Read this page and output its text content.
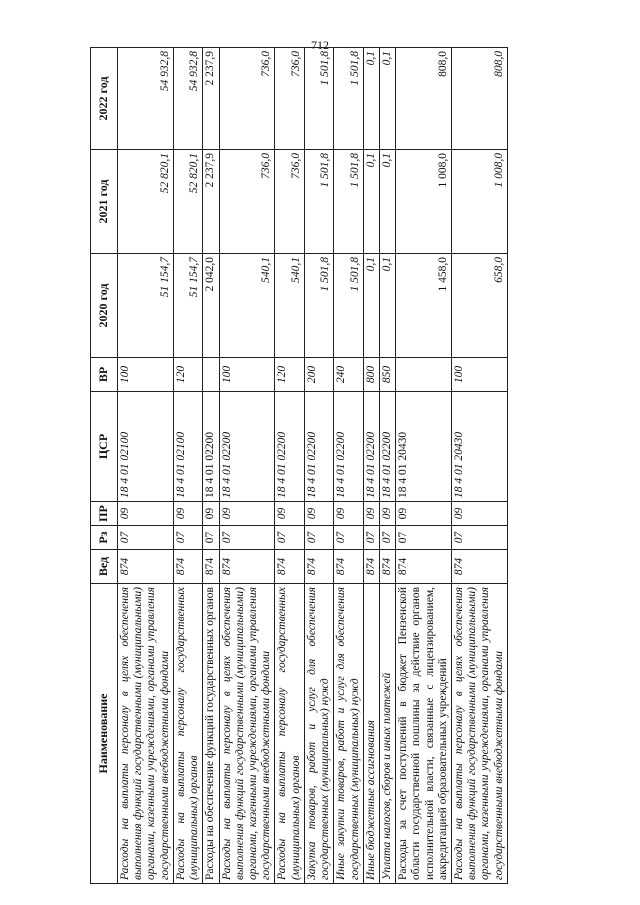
712
Наименование	Вед	Рз	ПР	ЦСР	ВР	2020 год	2021 год	2022 год
Расходы на выплаты персоналу в целях обеспечения выполнения функций государственными (муниципальными) органами, казенными учреждениями, органами управления государственными внебюджетными фондами	874	07	09	18 4 01 02100	100	51 154,7	52 820,1	54 932,8
Расходы на выплаты персоналу государственных (муниципальных) органов	874	07	09	18 4 01 02100	120	51 154,7	52 820,1	54 932,8
Расходы на обеспечение функций государственных органов	874	07	09	18 4 01 02200		2 042,0	2 237,9	2 237,9
Расходы на выплаты персоналу в целях обеспечения выполнения функций государственными (муниципальными) органами, казенными учреждениями, органами управления государственными внебюджетными фондами	874	07	09	18 4 01 02200	100	540,1	736,0	736,0
Расходы на выплаты персоналу государственных (муниципальных) органов	874	07	09	18 4 01 02200	120	540,1	736,0	736,0
Закупка товаров, работ и услуг для обеспечения государственных (муниципальных) нужд	874	07	09	18 4 01 02200	200	1 501,8	1 501,8	1 501,8
Иные закупки товаров, работ и услуг для обеспечения государственных (муниципальных) нужд	874	07	09	18 4 01 02200	240	1 501,8	1 501,8	1 501,8
Иные бюджетные ассигнования	874	07	09	18 4 01 02200	800	0,1	0,1	0,1
Уплата налогов, сборов и иных платежей	874	07	09	18 4 01 02200	850	0,1	0,1	0,1
Расходы за счет поступлений в бюджет Пензенской области государственной пошлины за действие органов исполнительной власти, связанные с лицензированием, аккредитацией образовательных учреждений	874	07	09	18 4 01 20430		1 458,0	1 008,0	808,0
Расходы на выплаты персоналу в целях обеспечения выполнения функций государственными (муниципальными) органами, казенными учреждениями, органами управления государственными внебюджетными фондами	874	07	09	18 4 01 20430	100	658,0	1 008,0	808,0
